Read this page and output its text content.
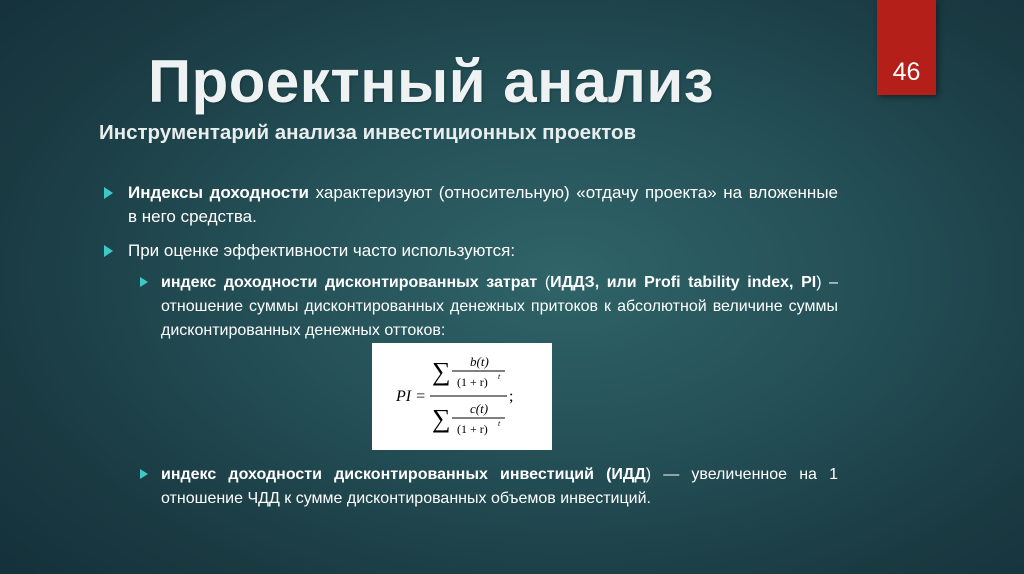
46
Проектный анализ
Инструментарий анализа инвестиционных проектов
Индексы доходности характеризуют (относительную) «отдачу проекта» на вложенные в него средства.
При оценке эффективности часто используются:
индекс доходности дисконтированных затрат (ИДДЗ, или Profi tability index, PI) – отношение суммы дисконтированных денежных притоков к абсолютной величине суммы дисконтированных денежных оттоков:
PI =
∑ b(t)
(1 + r) t
∑ c(t)
(1 + r) t
;
индекс доходности дисконтированных инвестиций (ИДД) — увеличенное на 1 отношение ЧДД к сумме дисконтированных объемов инвестиций.
